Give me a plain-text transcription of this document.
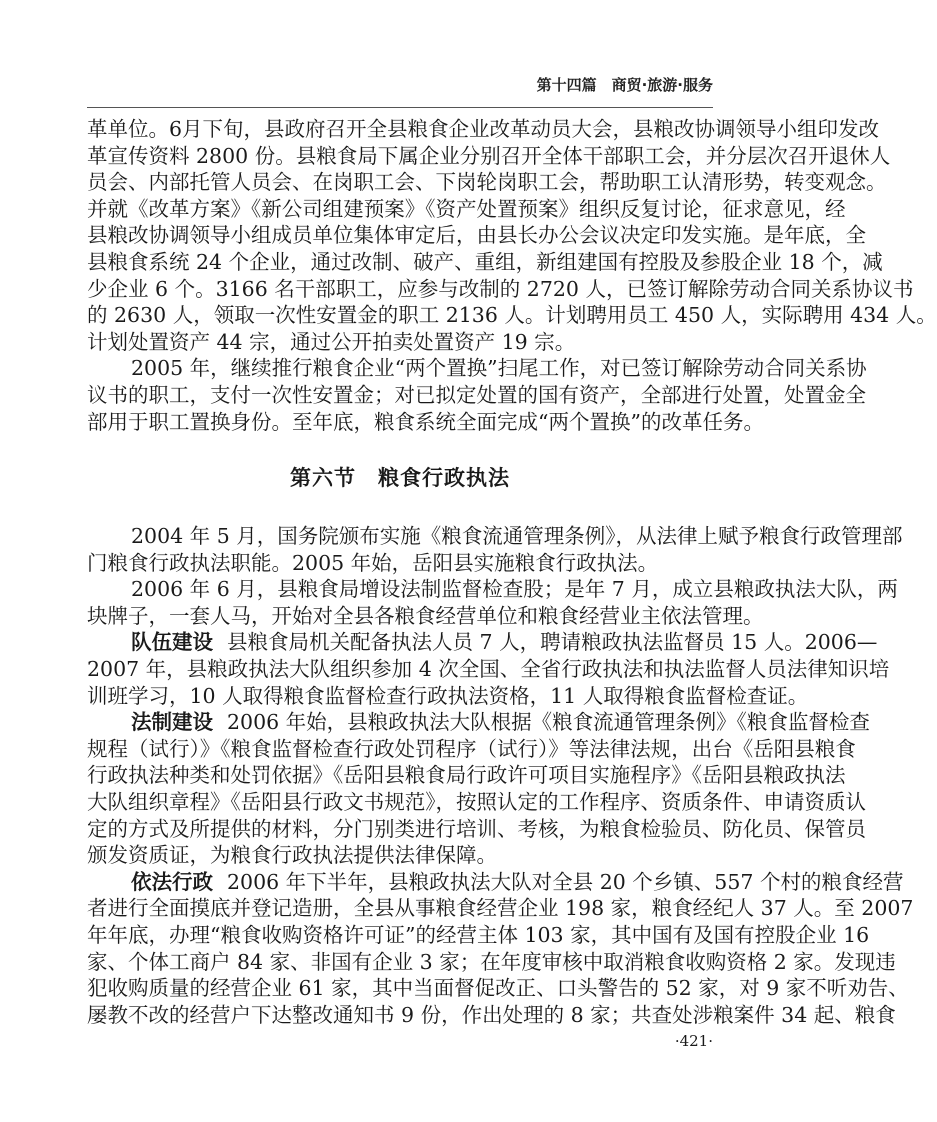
第十四篇　商贸·旅游·服务
革单位。6月下旬，县政府召开全县粮食企业改革动员大会，县粮改协调领导小组印发改
革宣传资料 2800 份。县粮食局下属企业分别召开全体干部职工会，并分层次召开退休人
员会、内部托管人员会、在岗职工会、下岗轮岗职工会，帮助职工认清形势，转变观念。
并就《改革方案》《新公司组建预案》《资产处置预案》组织反复讨论，征求意见，经
县粮改协调领导小组成员单位集体审定后，由县长办公会议决定印发实施。是年底，全
县粮食系统 24 个企业，通过改制、破产、重组，新组建国有控股及参股企业 18 个，减
少企业 6 个。3166 名干部职工，应参与改制的 2720 人，已签订解除劳动合同关系协议书
的 2630 人，领取一次性安置金的职工 2136 人。计划聘用员工 450 人，实际聘用 434 人。
计划处置资产 44 宗，通过公开拍卖处置资产 19 宗。
2005 年，继续推行粮食企业“两个置换”扫尾工作，对已签订解除劳动合同关系协
议书的职工，支付一次性安置金；对已拟定处置的国有资产，全部进行处置，处置金全
部用于职工置换身份。至年底，粮食系统全面完成“两个置换”的改革任务。
第六节　粮食行政执法
2004 年 5 月，国务院颁布实施《粮食流通管理条例》，从法律上赋予粮食行政管理部
门粮食行政执法职能。2005 年始，岳阳县实施粮食行政执法。
2006 年 6 月，县粮食局增设法制监督检查股；是年 7 月，成立县粮政执法大队，两
块牌子，一套人马，开始对全县各粮食经营单位和粮食经营业主依法管理。
队伍建设 县粮食局机关配备执法人员 7 人，聘请粮政执法监督员 15 人。2006—
2007 年，县粮政执法大队组织参加 4 次全国、全省行政执法和执法监督人员法律知识培
训班学习，10 人取得粮食监督检查行政执法资格，11 人取得粮食监督检查证。
法制建设 2006 年始，县粮政执法大队根据《粮食流通管理条例》《粮食监督检查
规程（试行）》《粮食监督检查行政处罚程序（试行）》等法律法规，出台《岳阳县粮食
行政执法种类和处罚依据》《岳阳县粮食局行政许可项目实施程序》《岳阳县粮政执法
大队组织章程》《岳阳县行政文书规范》，按照认定的工作程序、资质条件、申请资质认
定的方式及所提供的材料，分门别类进行培训、考核，为粮食检验员、防化员、保管员
颁发资质证，为粮食行政执法提供法律保障。
依法行政 2006 年下半年，县粮政执法大队对全县 20 个乡镇、557 个村的粮食经营
者进行全面摸底并登记造册，全县从事粮食经营企业 198 家，粮食经纪人 37 人。至 2007
年年底，办理“粮食收购资格许可证”的经营主体 103 家，其中国有及国有控股企业 16
家、个体工商户 84 家、非国有企业 3 家；在年度审核中取消粮食收购资格 2 家。发现违
犯收购质量的经营企业 61 家，其中当面督促改正、口头警告的 52 家，对 9 家不听劝告、
屡教不改的经营户下达整改通知书 9 份，作出处理的 8 家；共查处涉粮案件 34 起、粮食
·421·
